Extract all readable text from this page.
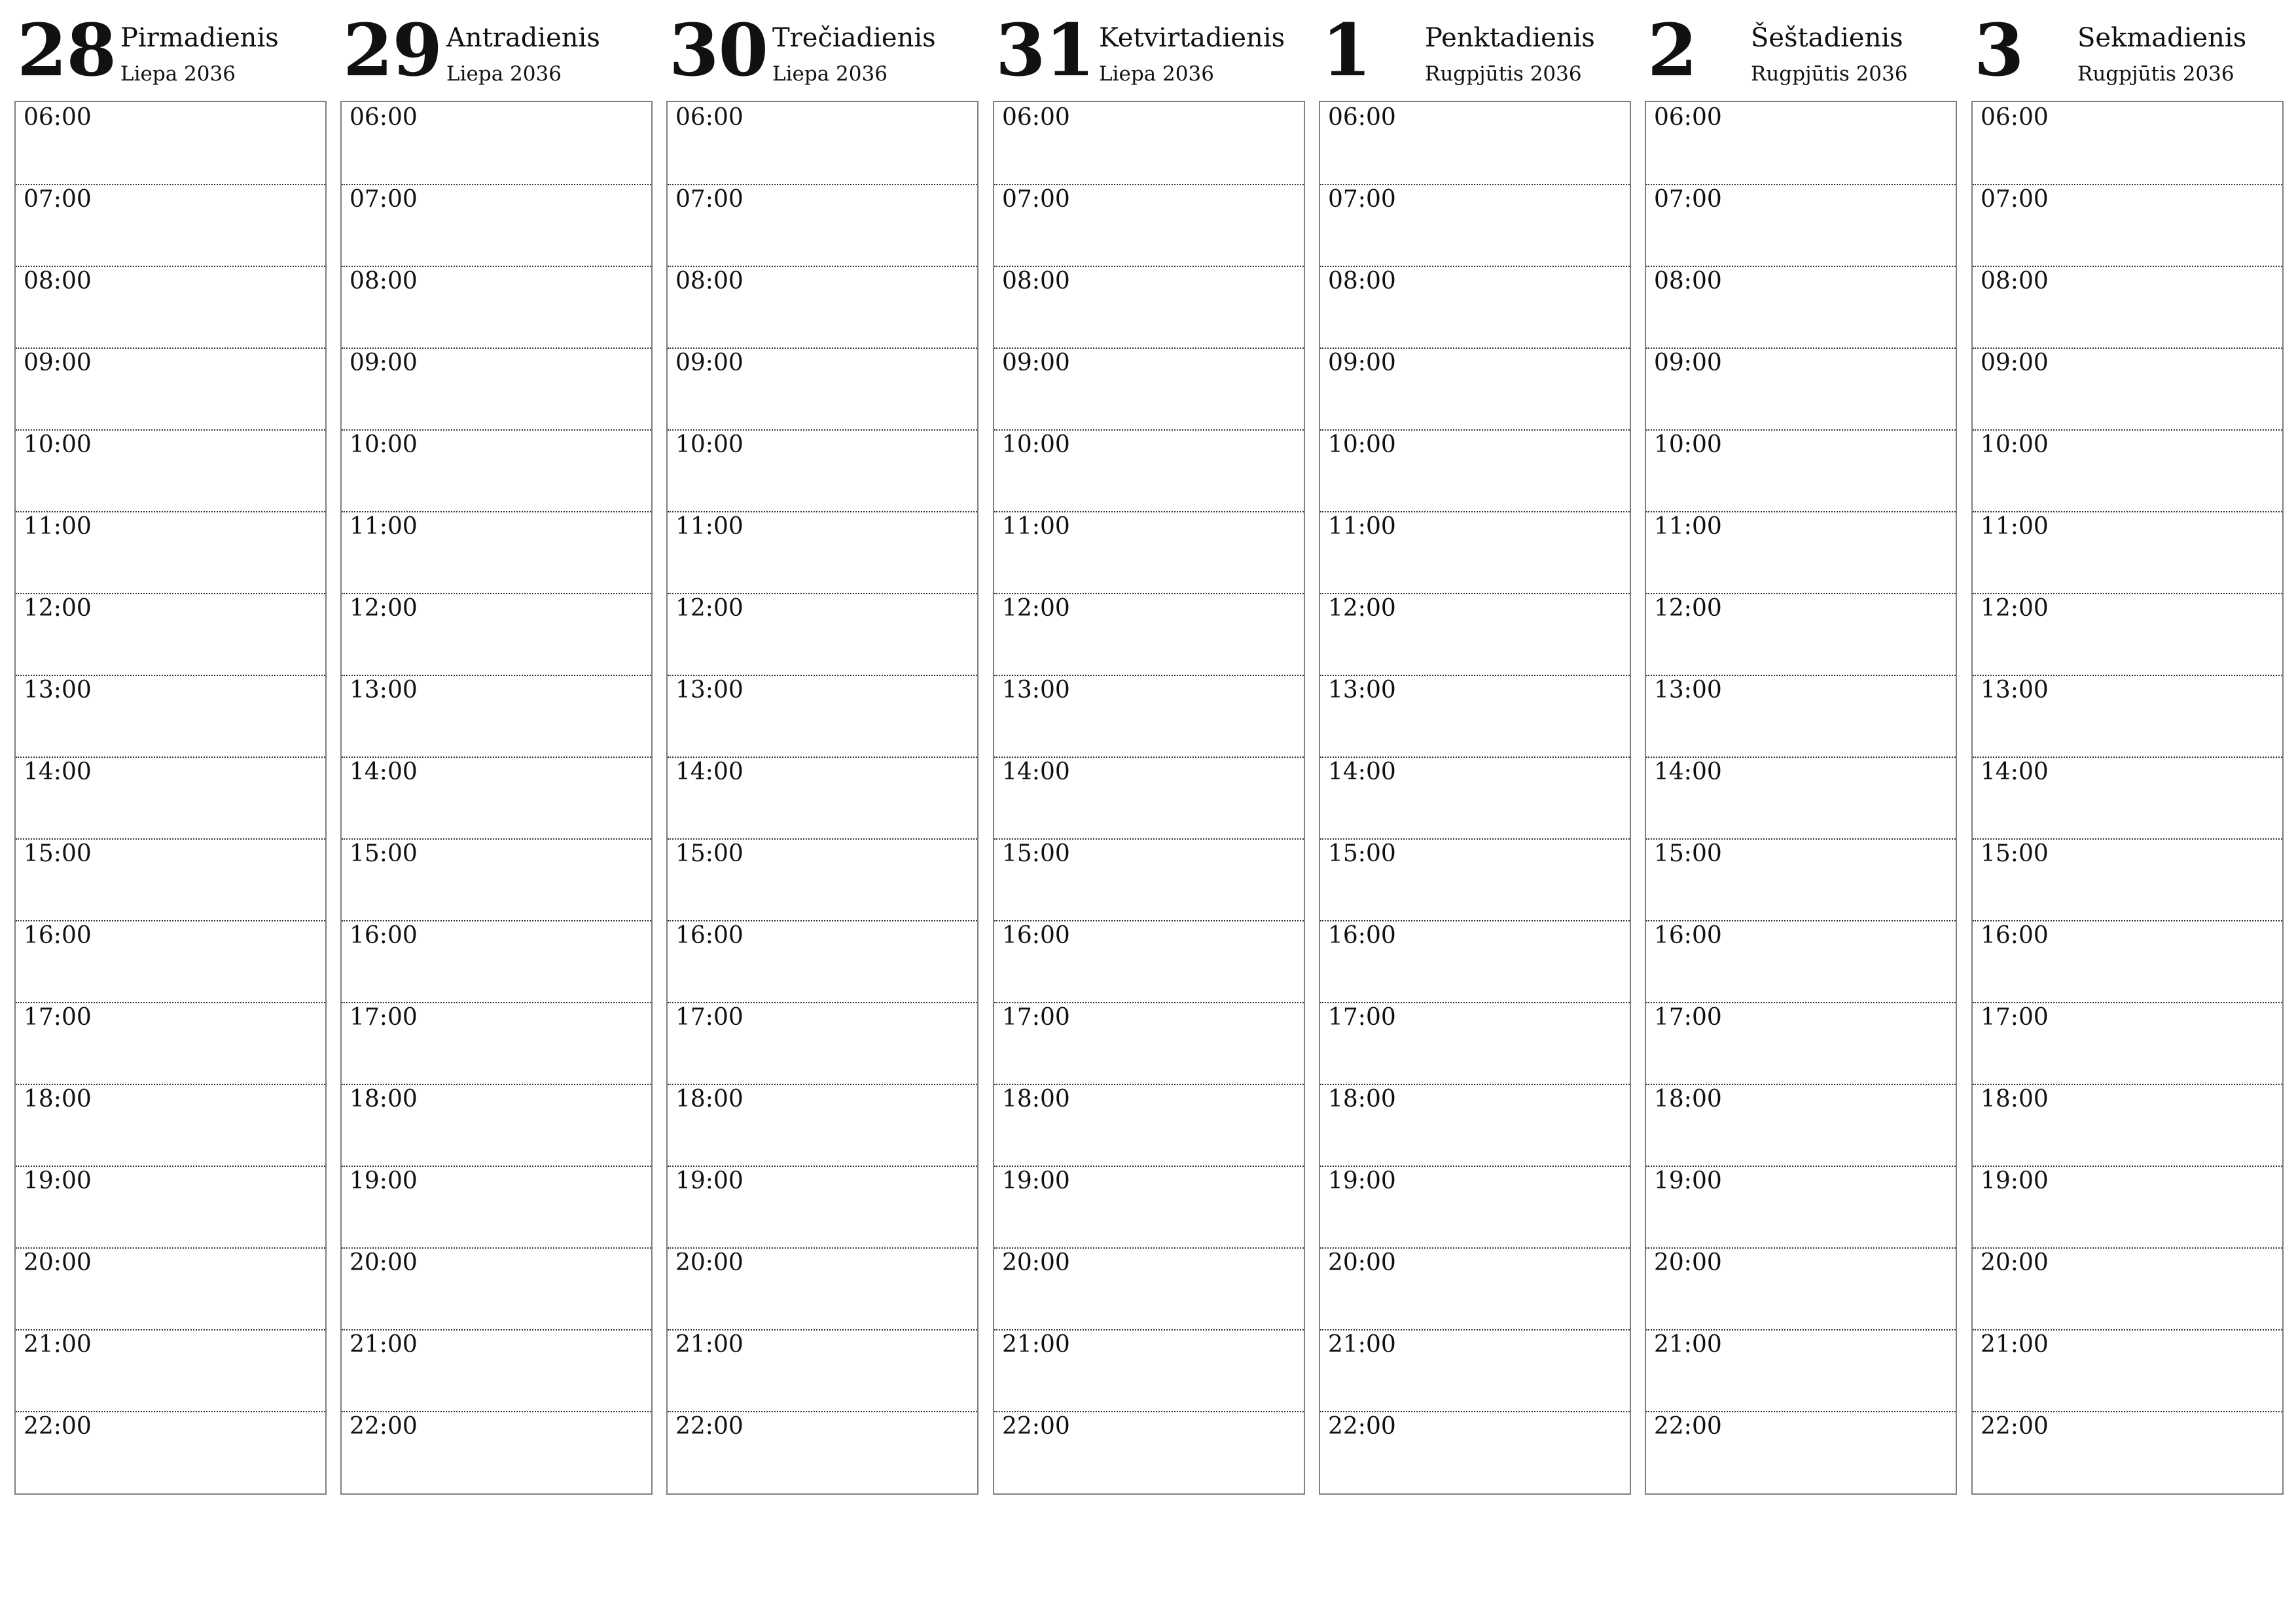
28 Pirmadienis
Liepa 2036
06:00
07:00
08:00
09:00
10:00
11:00
12:00
13:00
14:00
15:00
16:00
17:00
18:00
19:00
20:00
21:00
22:00
29 Antradienis
Liepa 2036
06:00
07:00
08:00
09:00
10:00
11:00
12:00
13:00
14:00
15:00
16:00
17:00
18:00
19:00
20:00
21:00
22:00
30 Trečiadienis
Liepa 2036
06:00
07:00
08:00
09:00
10:00
11:00
12:00
13:00
14:00
15:00
16:00
17:00
18:00
19:00
20:00
21:00
22:00
31 Ketvirtadienis
Liepa 2036
06:00
07:00
08:00
09:00
10:00
11:00
12:00
13:00
14:00
15:00
16:00
17:00
18:00
19:00
20:00
21:00
22:00
1 Penktadienis
Rugpjūtis 2036
06:00
07:00
08:00
09:00
10:00
11:00
12:00
13:00
14:00
15:00
16:00
17:00
18:00
19:00
20:00
21:00
22:00
2 Šeštadienis
Rugpjūtis 2036
06:00
07:00
08:00
09:00
10:00
11:00
12:00
13:00
14:00
15:00
16:00
17:00
18:00
19:00
20:00
21:00
22:00
3 Sekmadienis
Rugpjūtis 2036
06:00
07:00
08:00
09:00
10:00
11:00
12:00
13:00
14:00
15:00
16:00
17:00
18:00
19:00
20:00
21:00
22:00
